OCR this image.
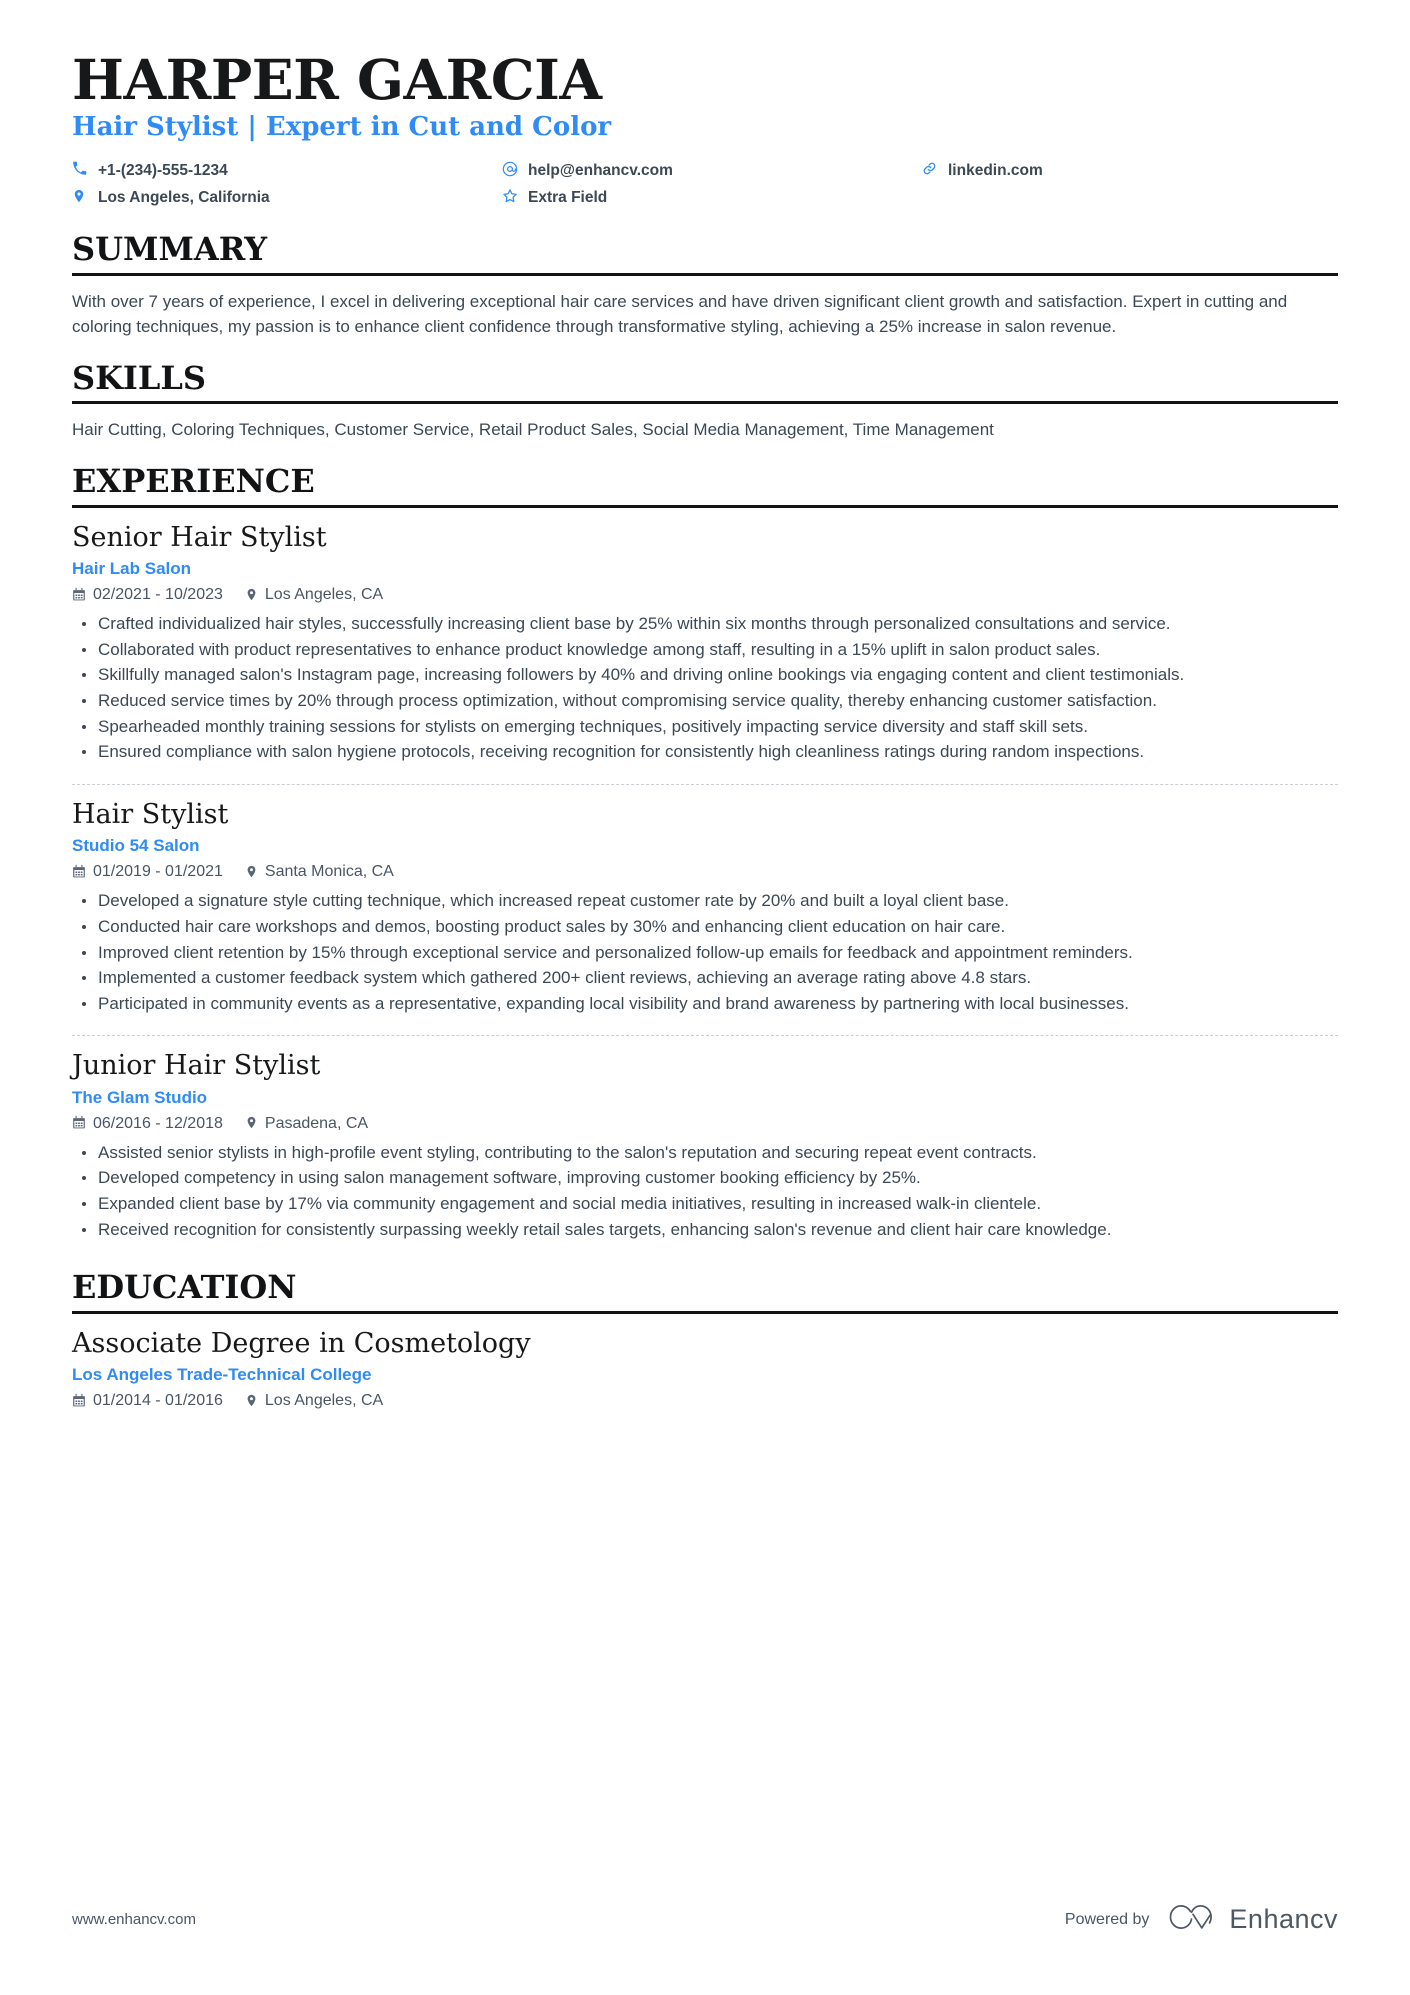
HARPER GARCIA
Hair Stylist | Expert in Cut and Color
+1-(234)-555-1234	help@enhancv.com	linkedin.com
Los Angeles, California	Extra Field
SUMMARY

With over 7 years of experience, I excel in delivering exceptional hair care services and have driven significant client growth and satisfaction. Expert in cutting and coloring techniques, my passion is to enhance client confidence through transformative styling, achieving a 25% increase in salon revenue.

SKILLS

Hair Cutting, Coloring Techniques, Customer Service, Retail Product Sales, Social Media Management, Time Management

EXPERIENCE
Senior Hair Stylist
Hair Lab Salon
02/2021 - 10/2023	Los Angeles, CA
Crafted individualized hair styles, successfully increasing client base by 25% within six months through personalized consultations and service.
Collaborated with product representatives to enhance product knowledge among staff, resulting in a 15% uplift in salon product sales.
Skillfully managed salon's Instagram page, increasing followers by 40% and driving online bookings via engaging content and client testimonials.
Reduced service times by 20% through process optimization, without compromising service quality, thereby enhancing customer satisfaction.
Spearheaded monthly training sessions for stylists on emerging techniques, positively impacting service diversity and staff skill sets.
Ensured compliance with salon hygiene protocols, receiving recognition for consistently high cleanliness ratings during random inspections.
Hair Stylist
Studio 54 Salon
01/2019 - 01/2021	Santa Monica, CA
Developed a signature style cutting technique, which increased repeat customer rate by 20% and built a loyal client base.
Conducted hair care workshops and demos, boosting product sales by 30% and enhancing client education on hair care.
Improved client retention by 15% through exceptional service and personalized follow-up emails for feedback and appointment reminders.
Implemented a customer feedback system which gathered 200+ client reviews, achieving an average rating above 4.8 stars.
Participated in community events as a representative, expanding local visibility and brand awareness by partnering with local businesses.
Junior Hair Stylist
The Glam Studio
06/2016 - 12/2018	Pasadena, CA
Assisted senior stylists in high-profile event styling, contributing to the salon's reputation and securing repeat event contracts.
Developed competency in using salon management software, improving customer booking efficiency by 25%.
Expanded client base by 17% via community engagement and social media initiatives, resulting in increased walk-in clientele.
Received recognition for consistently surpassing weekly retail sales targets, enhancing salon's revenue and client hair care knowledge.
EDUCATION
Associate Degree in Cosmetology
Los Angeles Trade-Technical College
01/2014 - 01/2016	Los Angeles, CA
www.enhancv.com	Powered by	Enhancv
